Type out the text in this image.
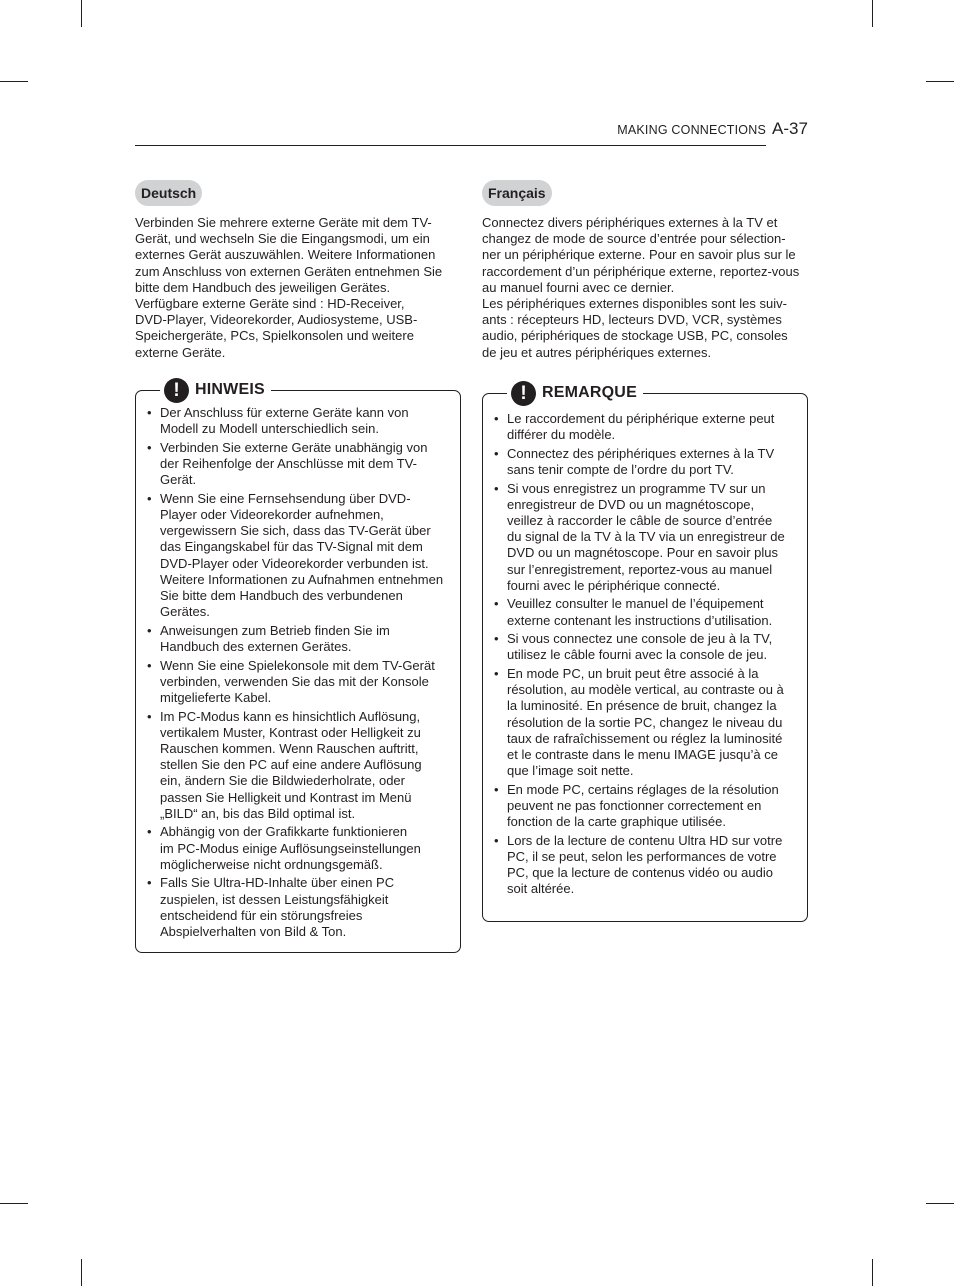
MAKING CONNECTIONS A-37
Deutsch

Verbinden Sie mehrere externe Geräte mit dem TV-
Gerät, und wechseln Sie die Eingangsmodi, um ein
externes Gerät auszuwählen. Weitere Informationen
zum Anschluss von externen Geräten entnehmen Sie
bitte dem Handbuch des jeweiligen Gerätes.
Verfügbare externe Geräte sind : HD-Receiver,
DVD-Player, Videorekorder, Audiosysteme, USB-
Speichergeräte, PCs, Spielkonsolen und weitere
externe Geräte.

! HINWEIS
• Der Anschluss für externe Geräte kann von
Modell zu Modell unterschiedlich sein.
• Verbinden Sie externe Geräte unabhängig von
der Reihenfolge der Anschlüsse mit dem TV-
Gerät.
• Wenn Sie eine Fernsehsendung über DVD-
Player oder Videorekorder aufnehmen,
vergewissern Sie sich, dass das TV-Gerät über
das Eingangskabel für das TV-Signal mit dem
DVD-Player oder Videorekorder verbunden ist.
Weitere Informationen zu Aufnahmen entnehmen
Sie bitte dem Handbuch des verbundenen
Gerätes.
• Anweisungen zum Betrieb finden Sie im
Handbuch des externen Gerätes.
• Wenn Sie eine Spielekonsole mit dem TV-Gerät
verbinden, verwenden Sie das mit der Konsole
mitgelieferte Kabel.
• Im PC-Modus kann es hinsichtlich Auflösung,
vertikalem Muster, Kontrast oder Helligkeit zu
Rauschen kommen. Wenn Rauschen auftritt,
stellen Sie den PC auf eine andere Auflösung
ein, ändern Sie die Bildwiederholrate, oder
passen Sie Helligkeit und Kontrast im Menü
„BILD“ an, bis das Bild optimal ist.
• Abhängig von der Grafikkarte funktionieren
im PC-Modus einige Auflösungseinstellungen
möglicherweise nicht ordnungsgemäß.
• Falls Sie Ultra-HD-Inhalte über einen PC
zuspielen, ist dessen Leistungsfähigkeit
entscheidend für ein störungsfreies
Abspielverhalten von Bild & Ton.
Français

Connectez divers périphériques externes à la TV et
changez de mode de source d’entrée pour sélection-
ner un périphérique externe. Pour en savoir plus sur le
raccordement d’un périphérique externe, reportez-vous
au manuel fourni avec ce dernier.
Les périphériques externes disponibles sont les suiv-
ants : récepteurs HD, lecteurs DVD, VCR, systèmes
audio, périphériques de stockage USB, PC, consoles
de jeu et autres périphériques externes.

! REMARQUE
• Le raccordement du périphérique externe peut
différer du modèle.
• Connectez des périphériques externes à la TV
sans tenir compte de l’ordre du port TV.
• Si vous enregistrez un programme TV sur un
enregistreur de DVD ou un magnétoscope,
veillez à raccorder le câble de source d’entrée
du signal de la TV à la TV via un enregistreur de
DVD ou un magnétoscope. Pour en savoir plus
sur l’enregistrement, reportez-vous au manuel
fourni avec le périphérique connecté.
• Veuillez consulter le manuel de l’équipement
externe contenant les instructions d’utilisation.
• Si vous connectez une console de jeu à la TV,
utilisez le câble fourni avec la console de jeu.
• En mode PC, un bruit peut être associé à la
résolution, au modèle vertical, au contraste ou à
la luminosité. En présence de bruit, changez la
résolution de la sortie PC, changez le niveau du
taux de rafraîchissement ou réglez la luminosité
et le contraste dans le menu IMAGE jusqu’à ce
que l’image soit nette.
• En mode PC, certains réglages de la résolution
peuvent ne pas fonctionner correctement en
fonction de la carte graphique utilisée.
• Lors de la lecture de contenu Ultra HD sur votre
PC, il se peut, selon les performances de votre
PC, que la lecture de contenus vidéo ou audio
soit altérée.
